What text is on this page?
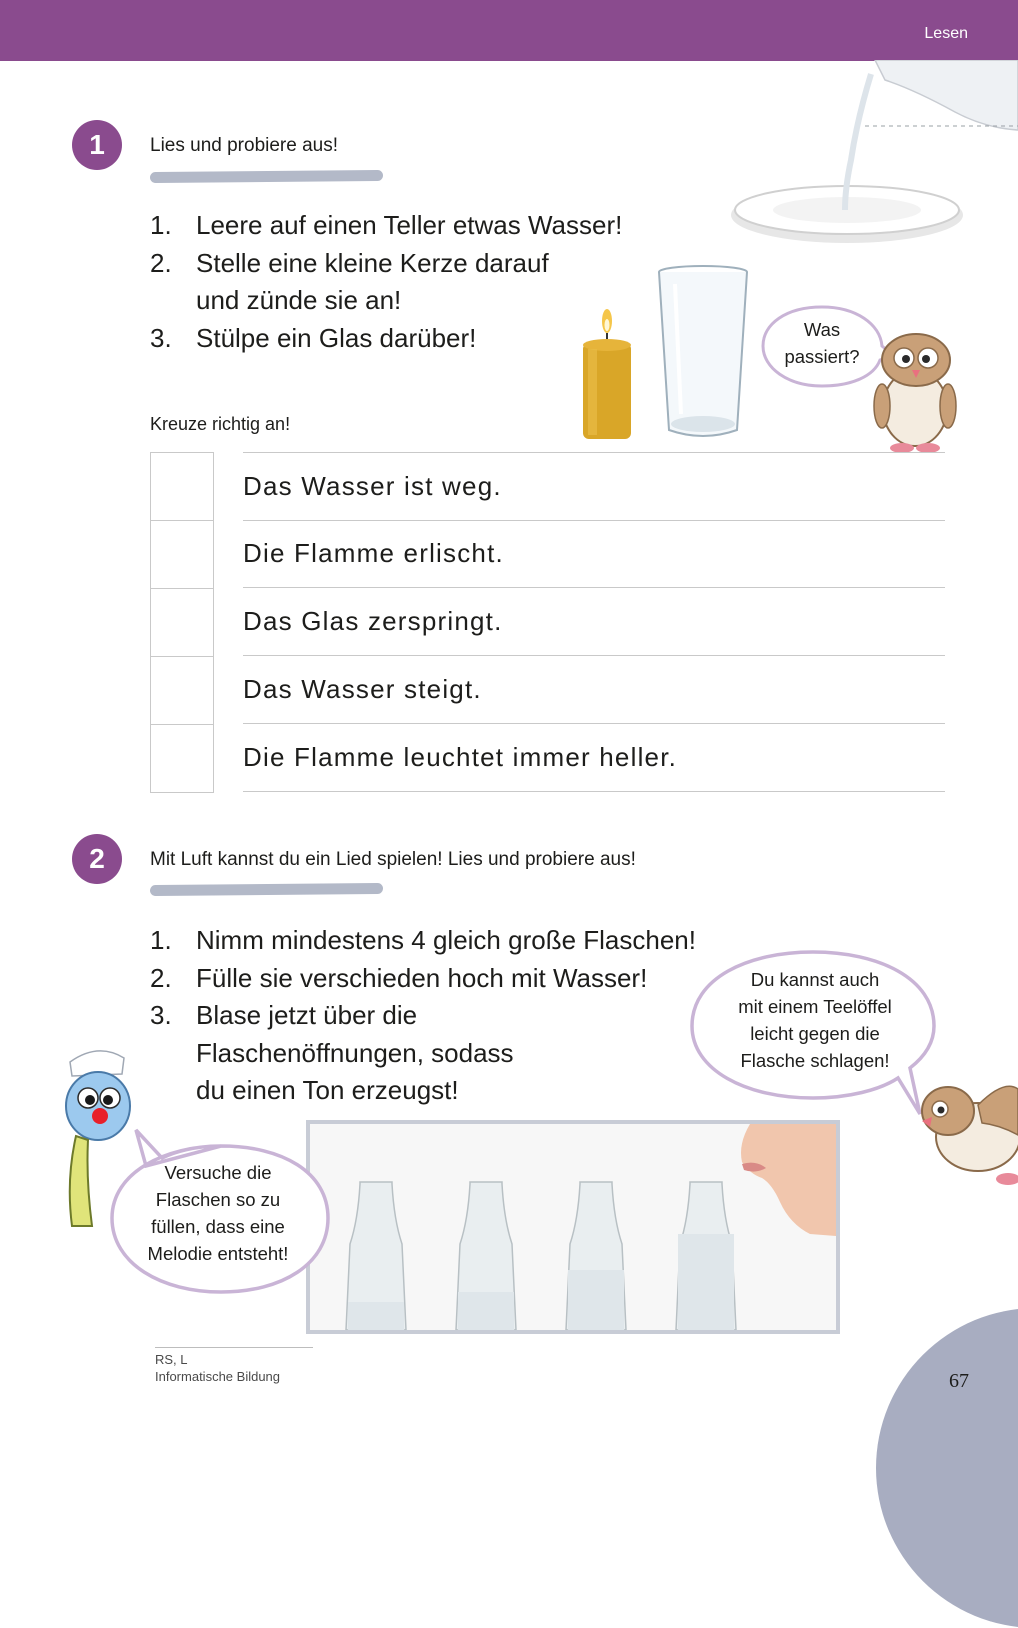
Lesen
1	Lies und probiere aus!
1. Leere auf einen Teller etwas Wasser!
2. Stelle eine kleine Kerze darauf
und zünde sie an!
3. Stülpe ein Glas darüber!	Was
passiert?
Kreuze richtig an!
Das Wasser ist weg.
Die Flamme erlischt.
Das Glas zerspringt.
Das Wasser steigt.
Die Flamme leuchtet immer heller.
2	Mit Luft kannst du ein Lied spielen! Lies und probiere aus!
1. Nimm mindestens 4 gleich große Flaschen!
2. Fülle sie verschieden hoch mit Wasser!
3. Blase jetzt über die
Flaschenöffnungen, sodass
du einen Ton erzeugst!
Du kannst auch
mit einem Teelöffel
leicht gegen die
Flasche schlagen!
Versuche die
Flaschen so zu
füllen, dass eine
Melodie entsteht!
RS, L
Informatische Bildung	67
